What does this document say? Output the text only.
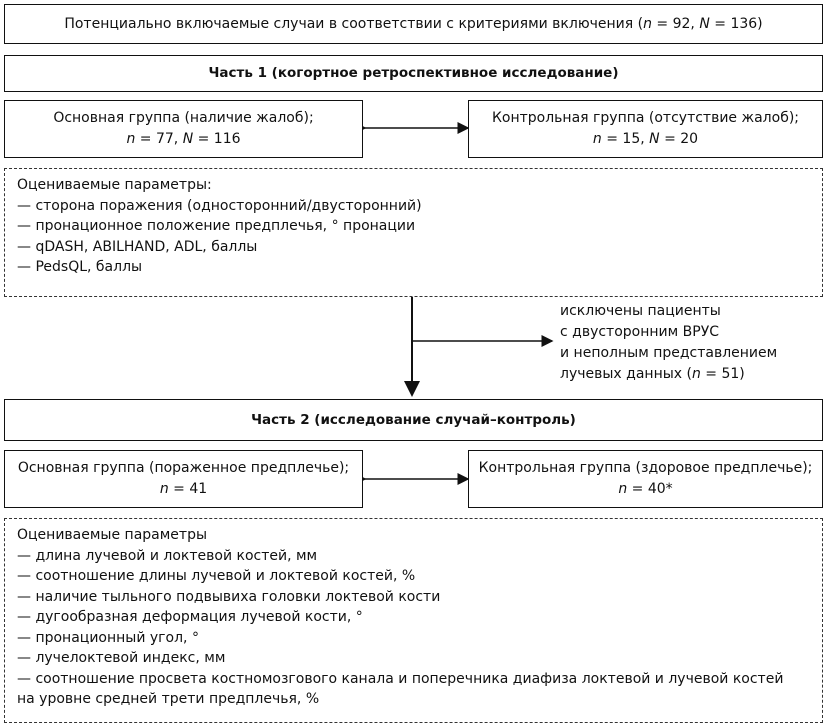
Потенциально включаемые случаи в соответствии с критериями включения (n = 92, N = 136)
Часть 1 (когортное ретроспективное исследование)
Основная группа (наличие жалоб);
n = 77, N = 116
Контрольная группа (отсутствие жалоб);
n = 15, N = 20
Оцениваемые параметры:
— сторона поражения (односторонний/двусторонний)
— пронационное положение предплечья, ° пронации
— qDASH, ABILHAND, ADL, баллы
— PedsQL, баллы
исключены пациенты
с двусторонним ВРУС
и неполным представлением
лучевых данных (n = 51)
Часть 2 (исследование случай–контроль)
Основная группа (пораженное предплечье);
n = 41
Контрольная группа (здоровое предплечье);
n = 40*
Оцениваемые параметры
— длина лучевой и локтевой костей, мм
— соотношение длины лучевой и локтевой костей, %
— наличие тыльного подвывиха головки локтевой кости
— дугообразная деформация лучевой кости, °
— пронационный угол, °
— лучелоктевой индекс, мм
— соотношение просвета костномозгового канала и поперечника диафиза локтевой и лучевой костей
на уровне средней трети предплечья, %
